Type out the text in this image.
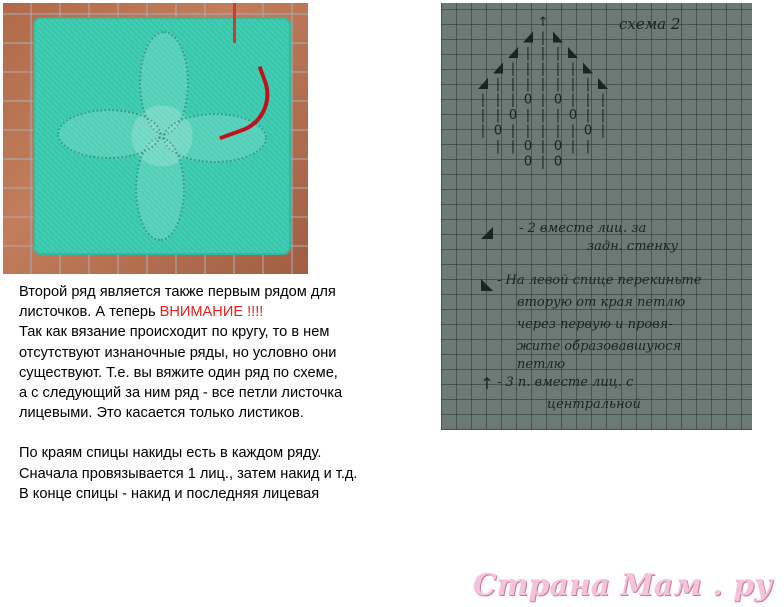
схема 2
↑
|
| | |
| | | | |
| | | | | | |
| | | 0 | 0 | | |
| | 0 | | | 0 | |
| 0 | | | | | 0 |
| | 0 | 0 | |
0 | 0
↑
- 2 вместе лиц. за
задн. стенку
- На левой спице перекиньте
вторую от края петлю
через первую и провя-
жите образовавшуюся
петлю
- 3 п. вместе лиц. с
центральной

Второй ряд является также первым рядом для

листочков. А теперь ВНИМАНИЕ !!!!

Так как вязание происходит по кругу, то в нем

отсутствуют изнаночные ряды, но условно они

существуют. Т.е. вы вяжите один ряд по схеме,

а с следующий за ним ряд - все петли листочка

лицевыми. Это касается только листиков.

По краям спицы накиды есть в каждом ряду.

Сначала провязывается 1 лиц., затем накид и т.д.

В конце спицы - накид и последняя лицевая

Страна Мам . ру
